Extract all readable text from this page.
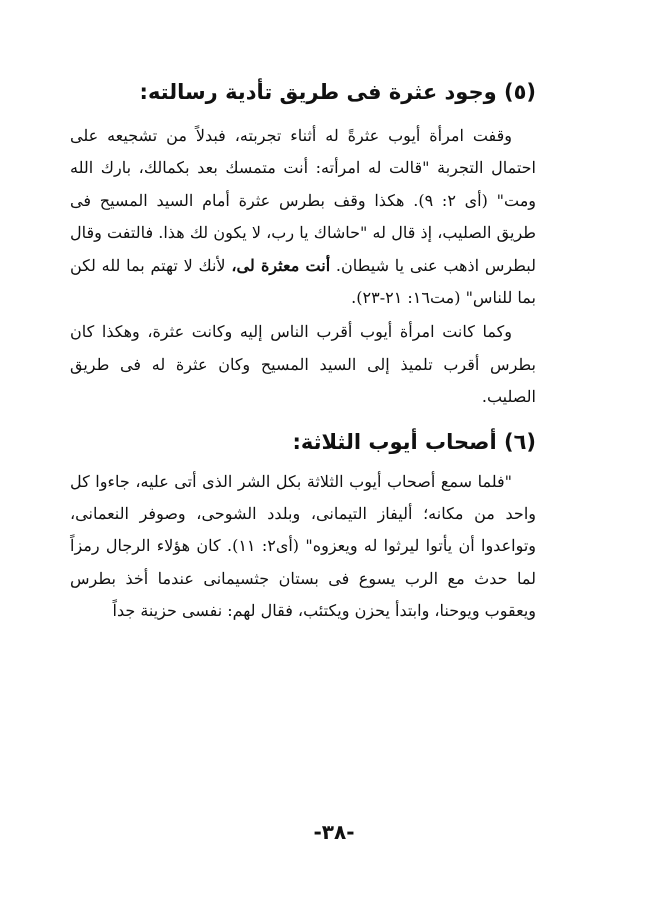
(٥) وجود عثرة فى طريق تأدية رسالته:

وقفت امرأة أيوب عثرةً له أثناء تجربته، فبدلاً من تشجيعه على احتمال التجربة "قالت له امرأته: أنت متمسك بعد بكمالك، بارك الله ومت" (أى ٢: ٩). هكذا وقف بطرس عثرة أمام السيد المسيح فى طريق الصليب، إذ قال له "حاشاك يا رب، لا يكون لك هذا. فالتفت وقال لبطرس اذهب عنى يا شيطان. أنت معثرة لى، لأنك لا تهتم بما لله لكن بما للناس" (مت١٦: ٢١-٢٣).

وكما كانت امرأة أيوب أقرب الناس إليه وكانت عثرة، وهكذا كان بطرس أقرب تلميذ إلى السيد المسيح وكان عثرة له فى طريق الصليب.

(٦) أصحاب أيوب الثلاثة:

"فلما سمع أصحاب أيوب الثلاثة بكل الشر الذى أتى عليه، جاءوا كل واحد من مكانه؛ أليفاز التيمانى، وبلدد الشوحى، وصوفر النعمانى، وتواعدوا أن يأتوا ليرثوا له ويعزوه" (أى٢: ١١). كان هؤلاء الرجال رمزاً لما حدث مع الرب يسوع فى بستان جثسيمانى عندما أخذ بطرس ويعقوب ويوحنا، وابتدأ يحزن ويكتئب، فقال لهم: نفسى حزينة جداً

-٣٨-
